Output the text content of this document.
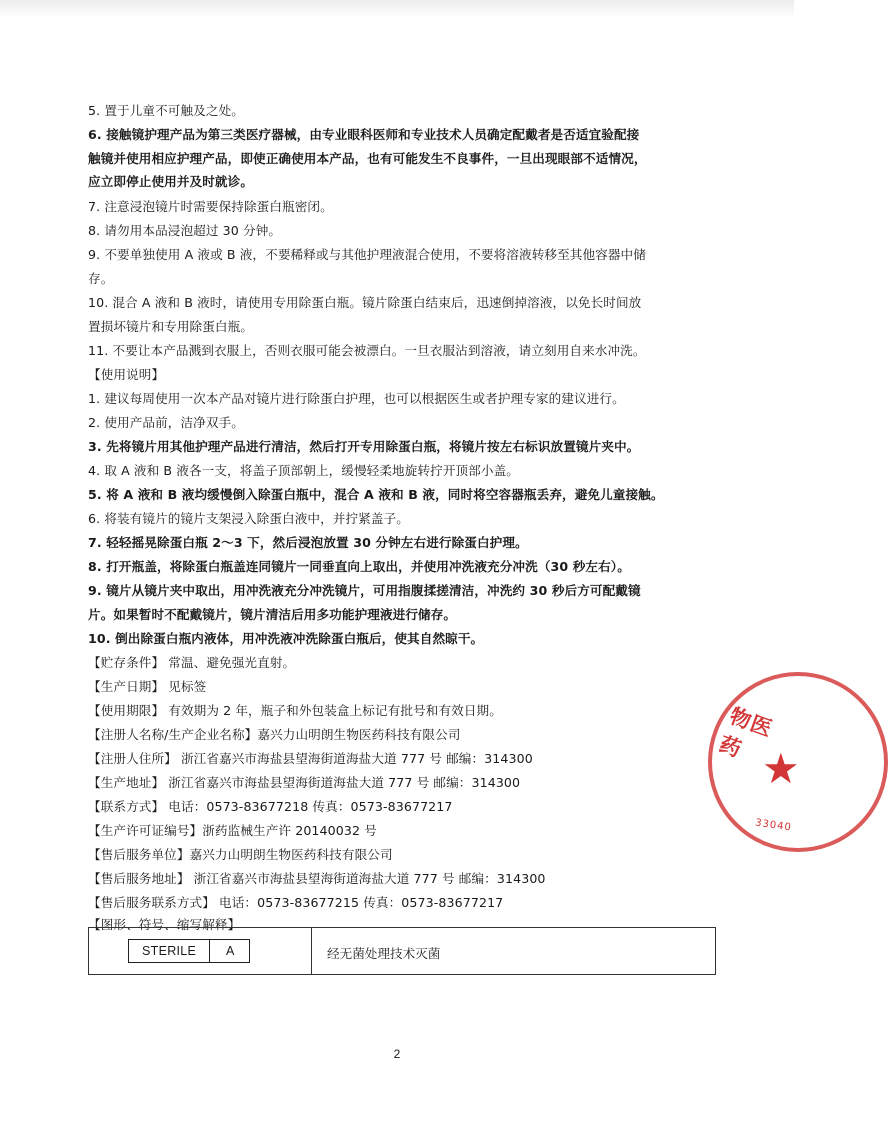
5. 置于儿童不可触及之处。
6. 接触镜护理产品为第三类医疗器械，由专业眼科医师和专业技术人员确定配戴者是否适宜验配接
触镜并使用相应护理产品，即使正确使用本产品，也有可能发生不良事件，一旦出现眼部不适情况，
应立即停止使用并及时就诊。
7. 注意浸泡镜片时需要保持除蛋白瓶密闭。
8. 请勿用本品浸泡超过 30 分钟。
9. 不要单独使用 A 液或 B 液，不要稀释或与其他护理液混合使用，不要将溶液转移至其他容器中储
存。
10. 混合 A 液和 B 液时，请使用专用除蛋白瓶。镜片除蛋白结束后，迅速倒掉溶液，以免长时间放
置损坏镜片和专用除蛋白瓶。
11. 不要让本产品溅到衣服上，否则衣服可能会被漂白。一旦衣服沾到溶液，请立刻用自来水冲洗。
【使用说明】
1. 建议每周使用一次本产品对镜片进行除蛋白护理，也可以根据医生或者护理专家的建议进行。
2. 使用产品前，洁净双手。
3. 先将镜片用其他护理产品进行清洁，然后打开专用除蛋白瓶，将镜片按左右标识放置镜片夹中。
4. 取 A 液和 B 液各一支，将盖子顶部朝上，缓慢轻柔地旋转拧开顶部小盖。
5. 将 A 液和 B 液均缓慢倒入除蛋白瓶中，混合 A 液和 B 液，同时将空容器瓶丢弃，避免儿童接触。
6. 将装有镜片的镜片支架浸入除蛋白液中，并拧紧盖子。
7. 轻轻摇晃除蛋白瓶 2～3 下，然后浸泡放置 30 分钟左右进行除蛋白护理。
8. 打开瓶盖，将除蛋白瓶盖连同镜片一同垂直向上取出，并使用冲洗液充分冲洗（30 秒左右）。
9. 镜片从镜片夹中取出，用冲洗液充分冲洗镜片，可用指腹揉搓清洁，冲洗约 30 秒后方可配戴镜
片。如果暂时不配戴镜片，镜片清洁后用多功能护理液进行储存。
10. 倒出除蛋白瓶内液体，用冲洗液冲洗除蛋白瓶后，使其自然晾干。
【贮存条件】 常温、避免强光直射。
【生产日期】 见标签
【使用期限】 有效期为 2 年，瓶子和外包装盒上标记有批号和有效日期。
【注册人名称/生产企业名称】嘉兴力山明朗生物医药科技有限公司
【注册人住所】 浙江省嘉兴市海盐县望海街道海盐大道 777 号 邮编：314300
【生产地址】 浙江省嘉兴市海盐县望海街道海盐大道 777 号 邮编：314300
【联系方式】 电话：0573-83677218 传真：0573-83677217
【生产许可证编号】浙药监械生产许 20140032 号
【售后服务单位】嘉兴力山明朗生物医药科技有限公司
【售后服务地址】 浙江省嘉兴市海盐县望海街道海盐大道 777 号 邮编：314300
【售后服务联系方式】 电话：0573-83677215 传真：0573-83677217
【图形、符号、缩写解释】
STERILE A	经无菌处理技术灭菌
物医药 ★
33040
2
